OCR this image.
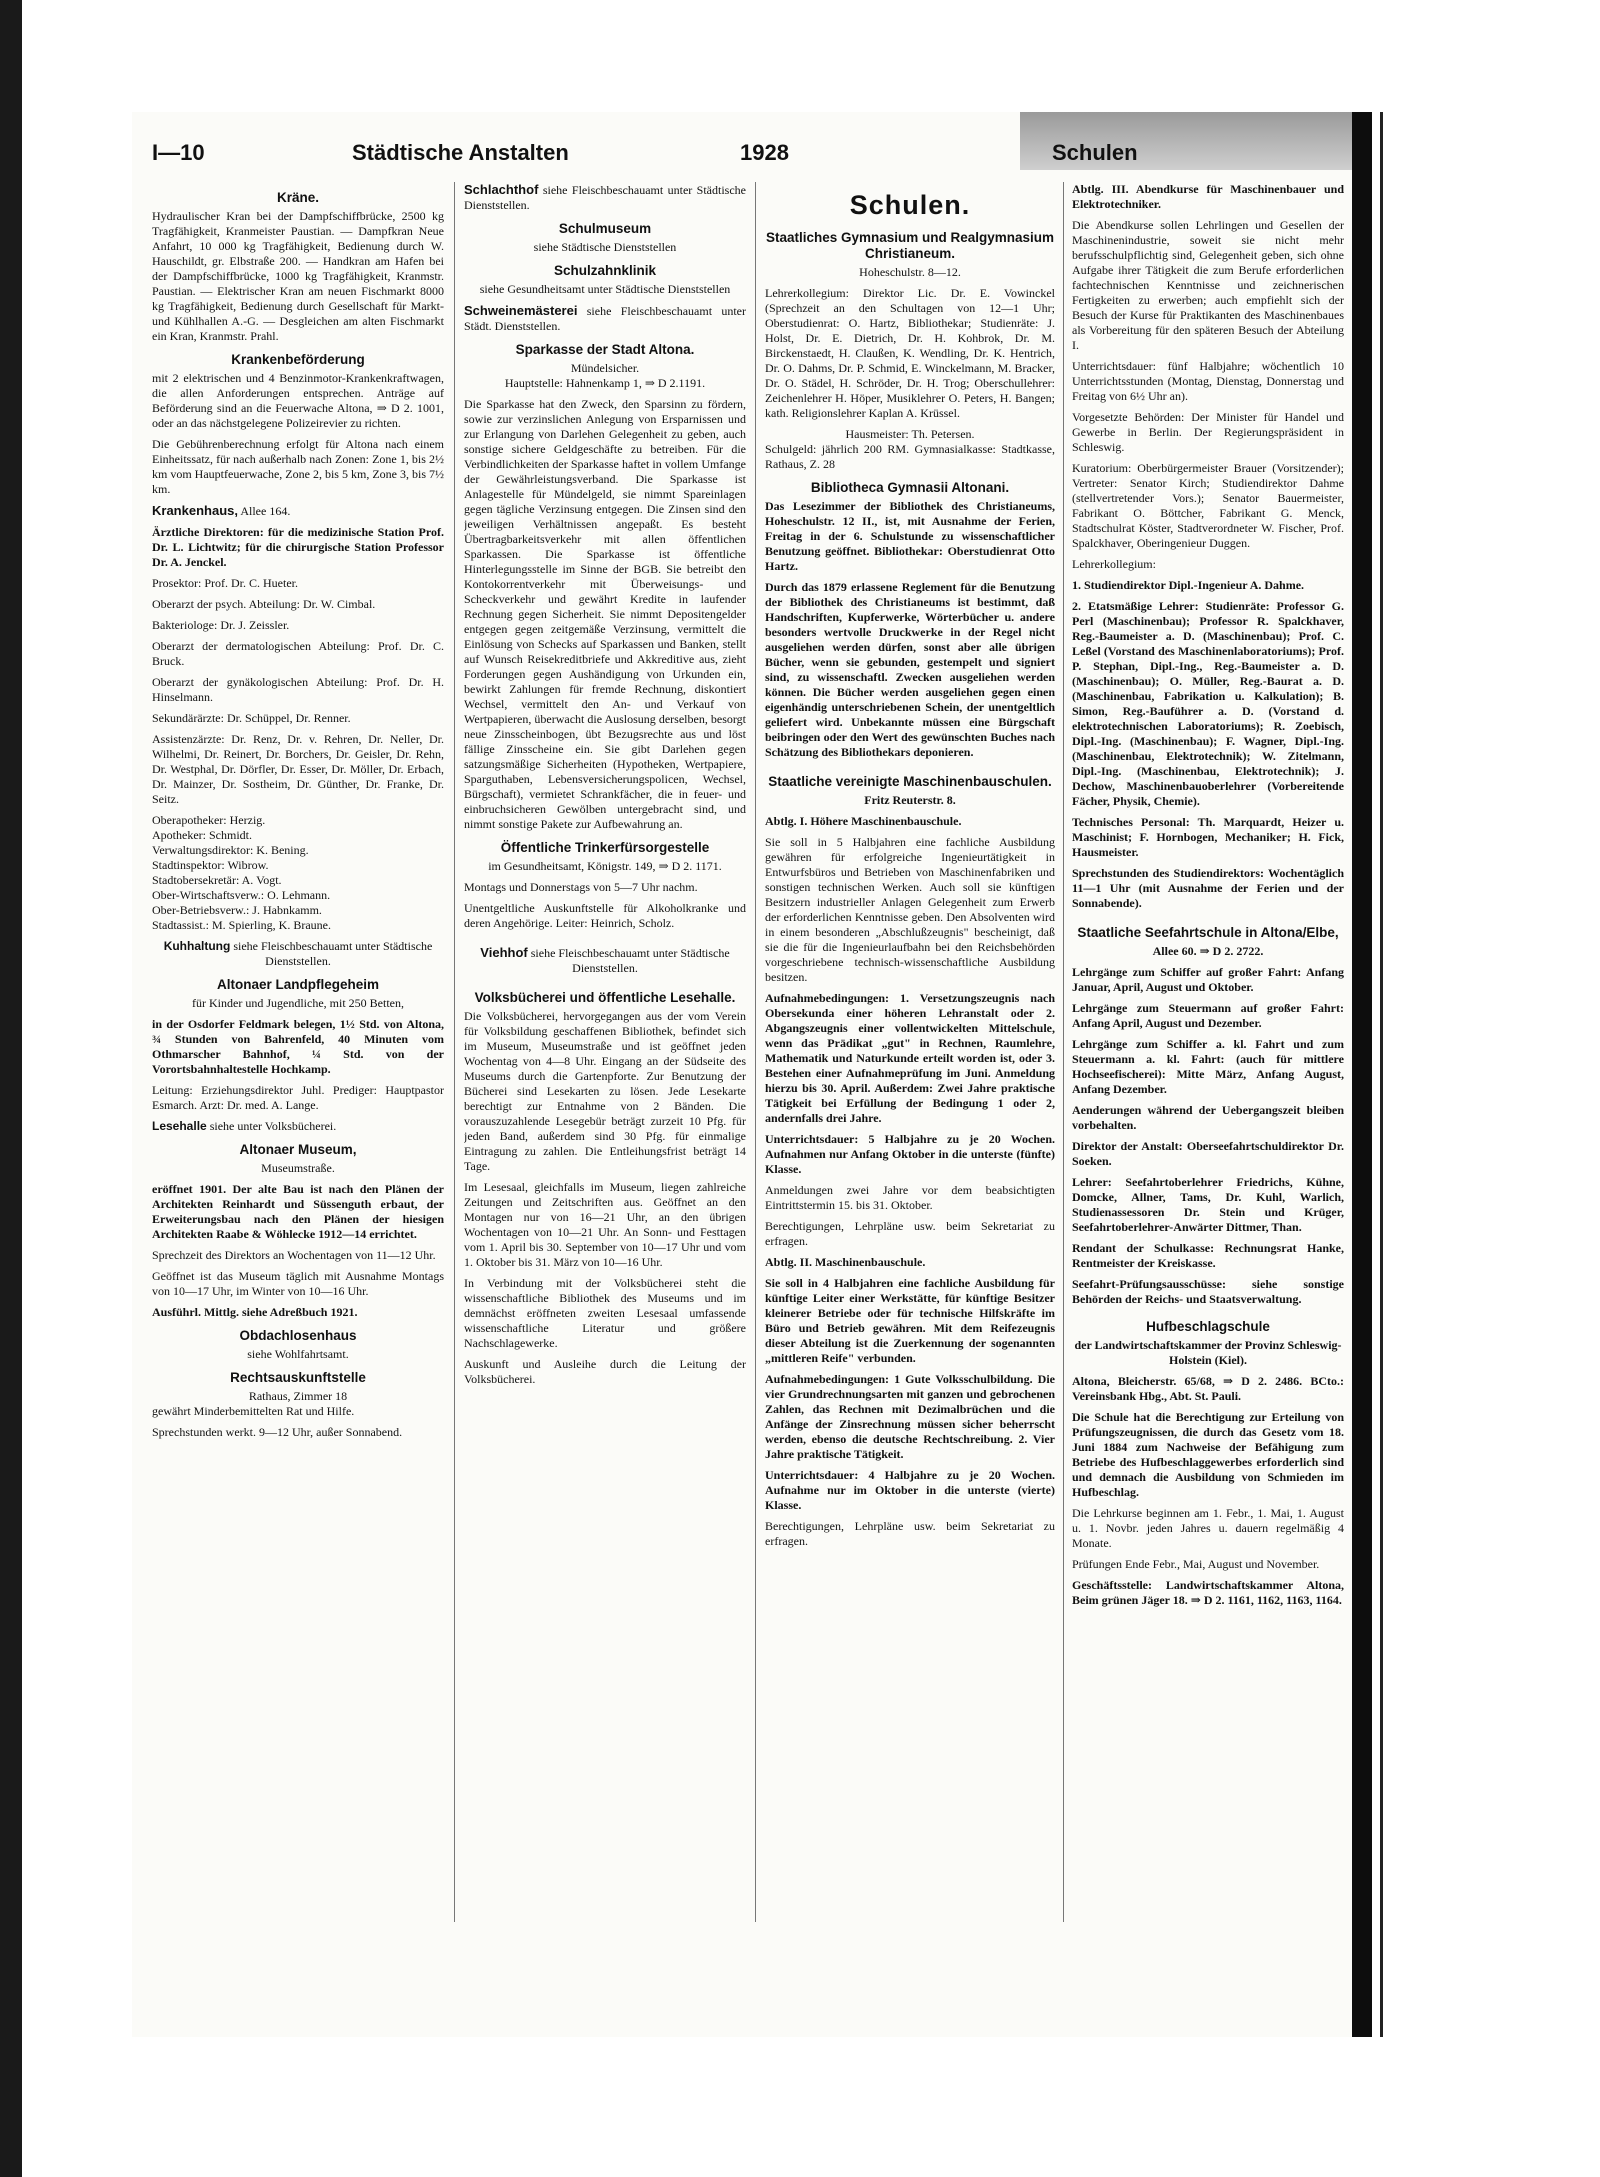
I—10	Städtische Anstalten	1928	Schulen
Kräne.

Hydraulischer Kran bei der Dampfschiffbrücke, 2500 kg Tragfähigkeit, Kranmeister Paustian. — Dampfkran Neue Anfahrt, 10 000 kg Tragfähigkeit, Bedienung durch W. Hauschildt, gr. Elbstraße 200. — Handkran am Hafen bei der Dampfschiffbrücke, 1000 kg Tragfähigkeit, Kranmstr. Paustian. — Elektrischer Kran am neuen Fischmarkt 8000 kg Tragfähigkeit, Bedienung durch Gesellschaft für Markt- und Kühlhallen A.-G. — Desgleichen am alten Fischmarkt ein Kran, Kranmstr. Prahl.

Krankenbeförderung

mit 2 elektrischen und 4 Benzinmotor-Krankenkraftwagen, die allen Anforderungen entsprechen. Anträge auf Beförderung sind an die Feuerwache Altona, ⇒ D 2. 1001, oder an das nächstgelegene Polizeirevier zu richten.

Die Gebührenberechnung erfolgt für Altona nach einem Einheitssatz, für nach außerhalb nach Zonen: Zone 1, bis 2½ km vom Hauptfeuerwache, Zone 2, bis 5 km, Zone 3, bis 7½ km.

Krankenhaus, Allee 164.

Ärztliche Direktoren: für die medizinische Station Prof. Dr. L. Lichtwitz; für die chirurgische Station Professor Dr. A. Jenckel.

Prosektor: Prof. Dr. C. Hueter.

Oberarzt der psych. Abteilung: Dr. W. Cimbal.

Bakteriologe: Dr. J. Zeissler.

Oberarzt der dermatologischen Abteilung: Prof. Dr. C. Bruck.

Oberarzt der gynäkologischen Abteilung: Prof. Dr. H. Hinselmann.

Sekundärärzte: Dr. Schüppel, Dr. Renner.

Assistenzärzte: Dr. Renz, Dr. v. Rehren, Dr. Neller, Dr. Wilhelmi, Dr. Reinert, Dr. Borchers, Dr. Geisler, Dr. Rehn, Dr. Westphal, Dr. Dörfler, Dr. Esser, Dr. Möller, Dr. Erbach, Dr. Mainzer, Dr. Sostheim, Dr. Günther, Dr. Franke, Dr. Seitz.

Oberapotheker: Herzig.

Apotheker: Schmidt.

Verwaltungsdirektor: K. Bening.

Stadtinspektor: Wibrow.

Stadtobersekretär: A. Vogt.

Ober-Wirtschaftsverw.: O. Lehmann.

Ober-Betriebsverw.: J. Habnkamm.

Stadtassist.: M. Spierling, K. Braune.

Kuhhaltung siehe Fleischbeschauamt unter Städtische Dienststellen.

Altonaer Landpflegeheim

für Kinder und Jugendliche, mit 250 Betten,

in der Osdorfer Feldmark belegen, 1½ Std. von Altona, ¾ Stunden von Bahrenfeld, 40 Minuten vom Othmarscher Bahnhof, ¼ Std. von der Vorortsbahnhaltestelle Hochkamp.

Leitung: Erziehungsdirektor Juhl. Prediger: Hauptpastor Esmarch. Arzt: Dr. med. A. Lange.

Lesehalle siehe unter Volksbücherei.

Altonaer Museum,

Museumstraße.

eröffnet 1901. Der alte Bau ist nach den Plänen der Architekten Reinhardt und Süssenguth erbaut, der Erweiterungsbau nach den Plänen der hiesigen Architekten Raabe & Wöhlecke 1912—14 errichtet.

Sprechzeit des Direktors an Wochentagen von 11—12 Uhr.

Geöffnet ist das Museum täglich mit Ausnahme Montags von 10—17 Uhr, im Winter von 10—16 Uhr.

Ausführl. Mittlg. siehe Adreßbuch 1921.

Obdachlosenhaus

siehe Wohlfahrtsamt.

Rechtsauskunftstelle

Rathaus, Zimmer 18

gewährt Minderbemittelten Rat und Hilfe.

Sprechstunden werkt. 9—12 Uhr, außer Sonnabend.

Schlachthof siehe Fleischbeschauamt unter Städtische Dienststellen.

Schulmuseum

siehe Städtische Dienststellen

Schulzahnklinik

siehe Gesundheitsamt unter Städtische Dienststellen

Schweinemästerei siehe Fleischbeschauamt unter Städt. Dienststellen.

Sparkasse der Stadt Altona.

Mündelsicher.

Hauptstelle: Hahnenkamp 1, ⇒ D 2.1191.

Die Sparkasse hat den Zweck, den Sparsinn zu fördern, sowie zur verzinslichen Anlegung von Ersparnissen und zur Erlangung von Darlehen Gelegenheit zu geben, auch sonstige sichere Geldgeschäfte zu betreiben. Für die Verbindlichkeiten der Sparkasse haftet in vollem Umfange der Gewährleistungsverband. Die Sparkasse ist Anlagestelle für Mündelgeld, sie nimmt Spareinlagen gegen tägliche Verzinsung entgegen. Die Zinsen sind den jeweiligen Verhältnissen angepaßt. Es besteht Übertragbarkeitsverkehr mit allen öffentlichen Sparkassen. Die Sparkasse ist öffentliche Hinterlegungsstelle im Sinne der BGB. Sie betreibt den Kontokorrentverkehr mit Überweisungs- und Scheckverkehr und gewährt Kredite in laufender Rechnung gegen Sicherheit. Sie nimmt Depositengelder entgegen gegen zeitgemäße Verzinsung, vermittelt die Einlösung von Schecks auf Sparkassen und Banken, stellt auf Wunsch Reisekreditbriefe und Akkreditive aus, zieht Forderungen gegen Aushändigung von Urkunden ein, bewirkt Zahlungen für fremde Rechnung, diskontiert Wechsel, vermittelt den An- und Verkauf von Wertpapieren, überwacht die Auslosung derselben, besorgt neue Zinsscheinbogen, übt Bezugsrechte aus und löst fällige Zinsscheine ein. Sie gibt Darlehen gegen satzungsmäßige Sicherheiten (Hypotheken, Wertpapiere, Sparguthaben, Lebensversicherungspolicen, Wechsel, Bürgschaft), vermietet Schrankfächer, die in feuer- und einbruchsicheren Gewölben untergebracht sind, und nimmt sonstige Pakete zur Aufbewahrung an.

Öffentliche Trinkerfürsorgestelle

im Gesundheitsamt, Königstr. 149, ⇒ D 2. 1171.

Montags und Donnerstags von 5—7 Uhr nachm.

Unentgeltliche Auskunftstelle für Alkoholkranke und deren Angehörige. Leiter: Heinrich, Scholz.

Viehhof siehe Fleischbeschauamt unter Städtische Dienststellen.

Volksbücherei und öffentliche Lesehalle.

Die Volksbücherei, hervorgegangen aus der vom Verein für Volksbildung geschaffenen Bibliothek, befindet sich im Museum, Museumstraße und ist geöffnet jeden Wochentag von 4—8 Uhr. Eingang an der Südseite des Museums durch die Gartenpforte. Zur Benutzung der Bücherei sind Lesekarten zu lösen. Jede Lesekarte berechtigt zur Entnahme von 2 Bänden. Die vorauszuzahlende Lesegebür beträgt zurzeit 10 Pfg. für jeden Band, außerdem sind 30 Pfg. für einmalige Eintragung zu zahlen. Die Entleihungsfrist beträgt 14 Tage.

Im Lesesaal, gleichfalls im Museum, liegen zahlreiche Zeitungen und Zeitschriften aus. Geöffnet an den Montagen nur von 16—21 Uhr, an den übrigen Wochentagen von 10—21 Uhr. An Sonn- und Festtagen vom 1. April bis 30. September von 10—17 Uhr und vom 1. Oktober bis 31. März von 10—16 Uhr.

In Verbindung mit der Volksbücherei steht die wissenschaftliche Bibliothek des Museums und im demnächst eröffneten zweiten Lesesaal umfassende wissenschaftliche Literatur und größere Nachschlagewerke.

Auskunft und Ausleihe durch die Leitung der Volksbücherei.

Schulen.
Staatliches Gymnasium und Realgymnasium Christianeum.

Hoheschulstr. 8—12.

Lehrerkollegium: Direktor Lic. Dr. E. Vowinckel (Sprechzeit an den Schultagen von 12—1 Uhr; Oberstudienrat: O. Hartz, Bibliothekar; Studienräte: J. Holst, Dr. E. Dietrich, Dr. H. Kohbrok, Dr. M. Birckenstaedt, H. Claußen, K. Wendling, Dr. K. Hentrich, Dr. O. Dahms, Dr. P. Schmid, E. Winckelmann, M. Bracker, Dr. O. Städel, H. Schröder, Dr. H. Trog; Oberschullehrer: Zeichenlehrer H. Höper, Musiklehrer O. Peters, H. Bangen; kath. Religionslehrer Kaplan A. Krüssel.

Hausmeister: Th. Petersen.

Schulgeld: jährlich 200 RM. Gymnasialkasse: Stadtkasse, Rathaus, Z. 28

Bibliotheca Gymnasii Altonani.

Das Lesezimmer der Bibliothek des Christianeums, Hoheschulstr. 12 II., ist, mit Ausnahme der Ferien, Freitag in der 6. Schulstunde zu wissenschaftlicher Benutzung geöffnet. Bibliothekar: Oberstudienrat Otto Hartz.

Durch das 1879 erlassene Reglement für die Benutzung der Bibliothek des Christianeums ist bestimmt, daß Handschriften, Kupferwerke, Wörterbücher u. andere besonders wertvolle Druckwerke in der Regel nicht ausgeliehen werden dürfen, sonst aber alle übrigen Bücher, wenn sie gebunden, gestempelt und signiert sind, zu wissenschaftl. Zwecken ausgeliehen werden können. Die Bücher werden ausgeliehen gegen einen eigenhändig unterschriebenen Schein, der unentgeltlich geliefert wird. Unbekannte müssen eine Bürgschaft beibringen oder den Wert des gewünschten Buches nach Schätzung des Bibliothekars deponieren.

Staatliche vereinigte Maschinenbauschulen.

Fritz Reuterstr. 8.

Abtlg. I. Höhere Maschinenbauschule.

Sie soll in 5 Halbjahren eine fachliche Ausbildung gewähren für erfolgreiche Ingenieurtätigkeit in Entwurfsbüros und Betrieben von Maschinenfabriken und sonstigen technischen Werken. Auch soll sie künftigen Besitzern industrieller Anlagen Gelegenheit zum Erwerb der erforderlichen Kenntnisse geben. Den Absolventen wird in einem besonderen „Abschlußzeugnis" bescheinigt, daß sie die für die Ingenieurlaufbahn bei den Reichsbehörden vorgeschriebene technisch-wissenschaftliche Ausbildung besitzen.

Aufnahmebedingungen: 1. Versetzungszeugnis nach Obersekunda einer höheren Lehranstalt oder 2. Abgangszeugnis einer vollentwickelten Mittelschule, wenn das Prädikat „gut" in Rechnen, Raumlehre, Mathematik und Naturkunde erteilt worden ist, oder 3. Bestehen einer Aufnahmeprüfung im Juni. Anmeldung hierzu bis 30. April. Außerdem: Zwei Jahre praktische Tätigkeit bei Erfüllung der Bedingung 1 oder 2, andernfalls drei Jahre.

Unterrichtsdauer: 5 Halbjahre zu je 20 Wochen. Aufnahmen nur Anfang Oktober in die unterste (fünfte) Klasse.

Anmeldungen zwei Jahre vor dem beabsichtigten Eintrittstermin 15. bis 31. Oktober.

Berechtigungen, Lehrpläne usw. beim Sekretariat zu erfragen.

Abtlg. II. Maschinenbauschule.

Sie soll in 4 Halbjahren eine fachliche Ausbildung für künftige Leiter einer Werkstätte, für künftige Besitzer kleinerer Betriebe oder für technische Hilfskräfte im Büro und Betrieb gewähren. Mit dem Reifezeugnis dieser Abteilung ist die Zuerkennung der sogenannten „mittleren Reife" verbunden.

Aufnahmebedingungen: 1 Gute Volksschulbildung. Die vier Grundrechnungsarten mit ganzen und gebrochenen Zahlen, das Rechnen mit Dezimalbrüchen und die Anfänge der Zinsrechnung müssen sicher beherrscht werden, ebenso die deutsche Rechtschreibung. 2. Vier Jahre praktische Tätigkeit.

Unterrichtsdauer: 4 Halbjahre zu je 20 Wochen. Aufnahme nur im Oktober in die unterste (vierte) Klasse.

Berechtigungen, Lehrpläne usw. beim Sekretariat zu erfragen.

Abtlg. III. Abendkurse für Maschinenbauer und Elektrotechniker.

Die Abendkurse sollen Lehrlingen und Gesellen der Maschinenindustrie, soweit sie nicht mehr berufsschulpflichtig sind, Gelegenheit geben, sich ohne Aufgabe ihrer Tätigkeit die zum Berufe erforderlichen fachtechnischen Kenntnisse und zeichnerischen Fertigkeiten zu erwerben; auch empfiehlt sich der Besuch der Kurse für Praktikanten des Maschinenbaues als Vorbereitung für den späteren Besuch der Abteilung I.

Unterrichtsdauer: fünf Halbjahre; wöchentlich 10 Unterrichtsstunden (Montag, Dienstag, Donnerstag und Freitag von 6½ Uhr an).

Vorgesetzte Behörden: Der Minister für Handel und Gewerbe in Berlin. Der Regierungspräsident in Schleswig.

Kuratorium: Oberbürgermeister Brauer (Vorsitzender); Vertreter: Senator Kirch; Studiendirektor Dahme (stellvertretender Vors.); Senator Bauermeister, Fabrikant O. Böttcher, Fabrikant G. Menck, Stadtschulrat Köster, Stadtverordneter W. Fischer, Prof. Spalckhaver, Oberingenieur Duggen.

Lehrerkollegium:

1. Studiendirektor Dipl.-Ingenieur A. Dahme.

2. Etatsmäßige Lehrer: Studienräte: Professor G. Perl (Maschinenbau); Professor R. Spalckhaver, Reg.-Baumeister a. D. (Maschinenbau); Prof. C. Leßel (Vorstand des Maschinenlaboratoriums); Prof. P. Stephan, Dipl.-Ing., Reg.-Baumeister a. D. (Maschinenbau); O. Müller, Reg.-Baurat a. D. (Maschinenbau, Fabrikation u. Kalkulation); B. Simon, Reg.-Bauführer a. D. (Vorstand d. elektrotechnischen Laboratoriums); R. Zoebisch, Dipl.-Ing. (Maschinenbau); F. Wagner, Dipl.-Ing. (Maschinenbau, Elektrotechnik); W. Zitelmann, Dipl.-Ing. (Maschinenbau, Elektrotechnik); J. Dechow, Maschinenbauoberlehrer (Vorbereitende Fächer, Physik, Chemie).

Technisches Personal: Th. Marquardt, Heizer u. Maschinist; F. Hornbogen, Mechaniker; H. Fick, Hausmeister.

Sprechstunden des Studiendirektors: Wochentäglich 11—1 Uhr (mit Ausnahme der Ferien und der Sonnabende).

Staatliche Seefahrtschule in Altona/Elbe,

Allee 60. ⇒ D 2. 2722.

Lehrgänge zum Schiffer auf großer Fahrt: Anfang Januar, April, August und Oktober.

Lehrgänge zum Steuermann auf großer Fahrt: Anfang April, August und Dezember.

Lehrgänge zum Schiffer a. kl. Fahrt und zum Steuermann a. kl. Fahrt: (auch für mittlere Hochseefischerei): Mitte März, Anfang August, Anfang Dezember.

Aenderungen während der Uebergangszeit bleiben vorbehalten.

Direktor der Anstalt: Oberseefahrtschuldirektor Dr. Soeken.

Lehrer: Seefahrtoberlehrer Friedrichs, Kühne, Domcke, Allner, Tams, Dr. Kuhl, Warlich, Studienassessoren Dr. Stein und Krüger, Seefahrtoberlehrer-Anwärter Dittmer, Than.

Rendant der Schulkasse: Rechnungsrat Hanke, Rentmeister der Kreiskasse.

Seefahrt-Prüfungsausschüsse: siehe sonstige Behörden der Reichs- und Staatsverwaltung.

Hufbeschlagschule

der Landwirtschaftskammer der Provinz Schleswig-Holstein (Kiel).

Altona, Bleicherstr. 65/68, ⇒ D 2. 2486. BCto.: Vereinsbank Hbg., Abt. St. Pauli.

Die Schule hat die Berechtigung zur Erteilung von Prüfungszeugnissen, die durch das Gesetz vom 18. Juni 1884 zum Nachweise der Befähigung zum Betriebe des Hufbeschlaggewerbes erforderlich sind und demnach die Ausbildung von Schmieden im Hufbeschlag.

Die Lehrkurse beginnen am 1. Febr., 1. Mai, 1. August u. 1. Novbr. jeden Jahres u. dauern regelmäßig 4 Monate.

Prüfungen Ende Febr., Mai, August und November.

Geschäftsstelle: Landwirtschaftskammer Altona, Beim grünen Jäger 18. ⇒ D 2. 1161, 1162, 1163, 1164.
